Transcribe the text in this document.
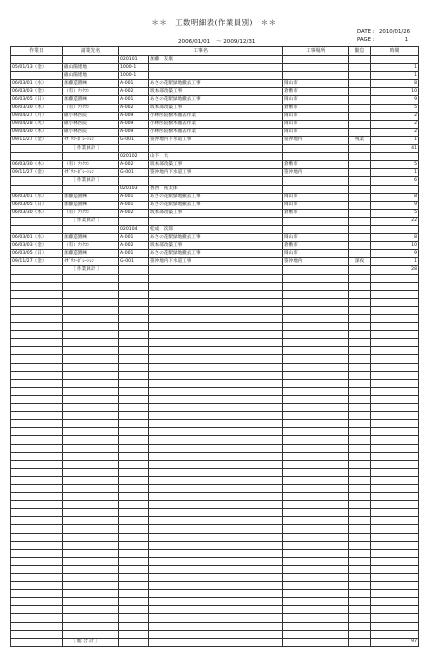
＊＊　工数明細表(作業員別)　＊＊
2006/01/01　～ 2009/12/31
DATE : 2010/01/26
PAGE :	1
作業日	請業先名	工事名		工事場所	勤怠	時間
		020101	加藤　友康			
05/01/13（金）	䧺山陽建地	1000-1				1
	䧺山陽建地	1000-1				1
06/03/01（水）	加藤造園㈱	A-001	あさの花駅緑地撤去工事	岡山市		8
06/03/03（金）	（有）ﾌｧｸｺﾝ	A-002	坂本部改築工事	倉敷市		10
06/03/05（日）	加藤造園㈱	A-001	あさの花駅緑地撤去工事	岡山市		9
06/03/30（木）	（有）ﾌｧｸｺﾝ	A-002	坂本部改築工事	倉敷市		5
09/04/27（月）	䧺小林医院	A-009	小林医院樹木撤去作業	岡山市		2
09/04/28（火）	䧺小林医院	A-009	小林医院樹木撤去作業	岡山市		2
09/04/30（木）	䧺小林医院	A-009	小林医院樹木撤去作業	岡山市		2
09/11/27（金）	ｲｻﾞﾜｺｰﾎﾟﾚｰｼｮﾝ	G-001	笹沖地内下水道工事	笹沖地内	残業	1
	［ 作業員計 ］					41
		020102	山下　大			
06/03/30（木）	（有）ﾌｧｸｺﾝ	A-002	坂本部改築工事	倉敷市		5
09/11/27（金）	ｲｻﾞﾜｺｰﾎﾟﾚｰｼｮﾝ	G-001	笹沖地内下水道工事	笹沖地内		1
	［ 作業員計 ］					6
		020103	香西　祐太郎			
06/03/01（水）	加藤造園㈱	A-001	あさの花駅緑地撤去工事	岡山市		8
06/03/05（日）	加藤造園㈱	A-001	あさの花駅緑地撤去工事	岡山市		9
06/03/30（木）	（有）ﾌｧｸｺﾝ	A-002	坂本部改築工事	倉敷市		5
	［ 作業員計 ］					22
		020104	松成　次郎			
06/03/01（水）	加藤造園㈱	A-001	あさの花駅緑地撤去工事	岡山市		8
06/03/03（金）	（有）ﾌｧｸｺﾝ	A-002	坂本部改築工事	倉敷市		10
06/03/05（日）	加藤造園㈱	A-001	あさの花駅緑地撤去工事	岡山市		9
09/11/27（金）	ｲｻﾞﾜｺｰﾎﾟﾚｰｼｮﾝ	G-001	笹沖地内下水道工事	笹沖地内	深夜	1
	［ 作業員計 ］					28

	［ 総 合 計 ］					97
